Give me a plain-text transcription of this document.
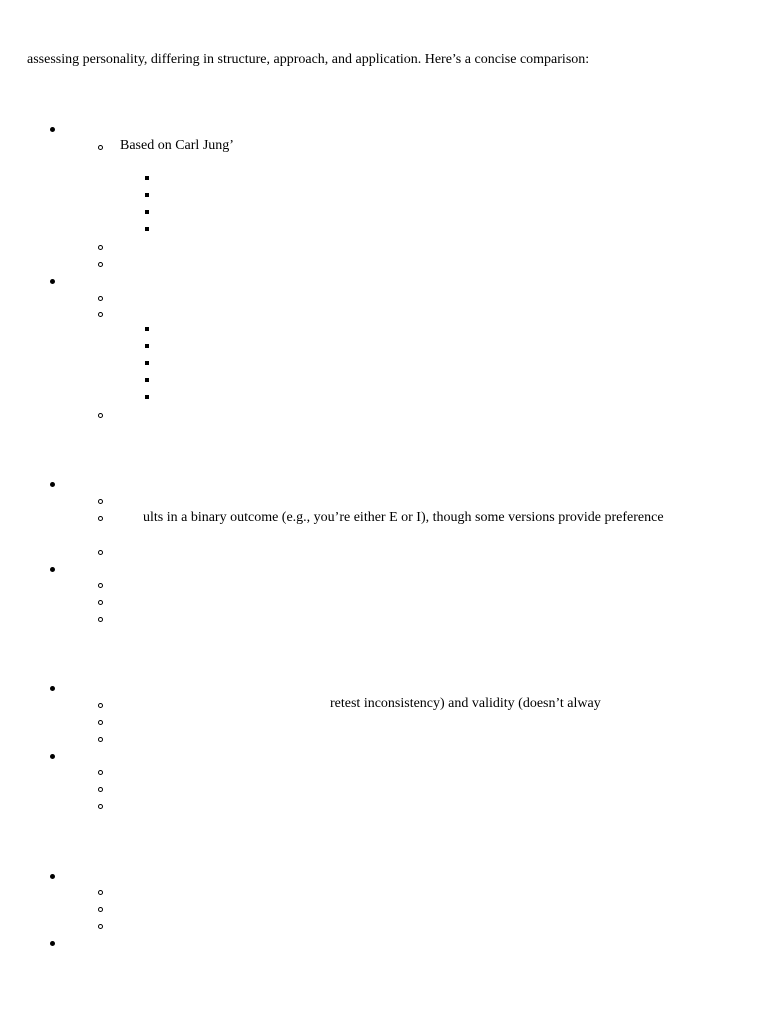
assessing personality, differing in structure, approach, and application. Here’s a concise comparison:
Based on Carl Jung’
ults in a binary outcome (e.g., you’re either E or I), though some versions provide preference
retest inconsistency) and validity (doesn’t alway
